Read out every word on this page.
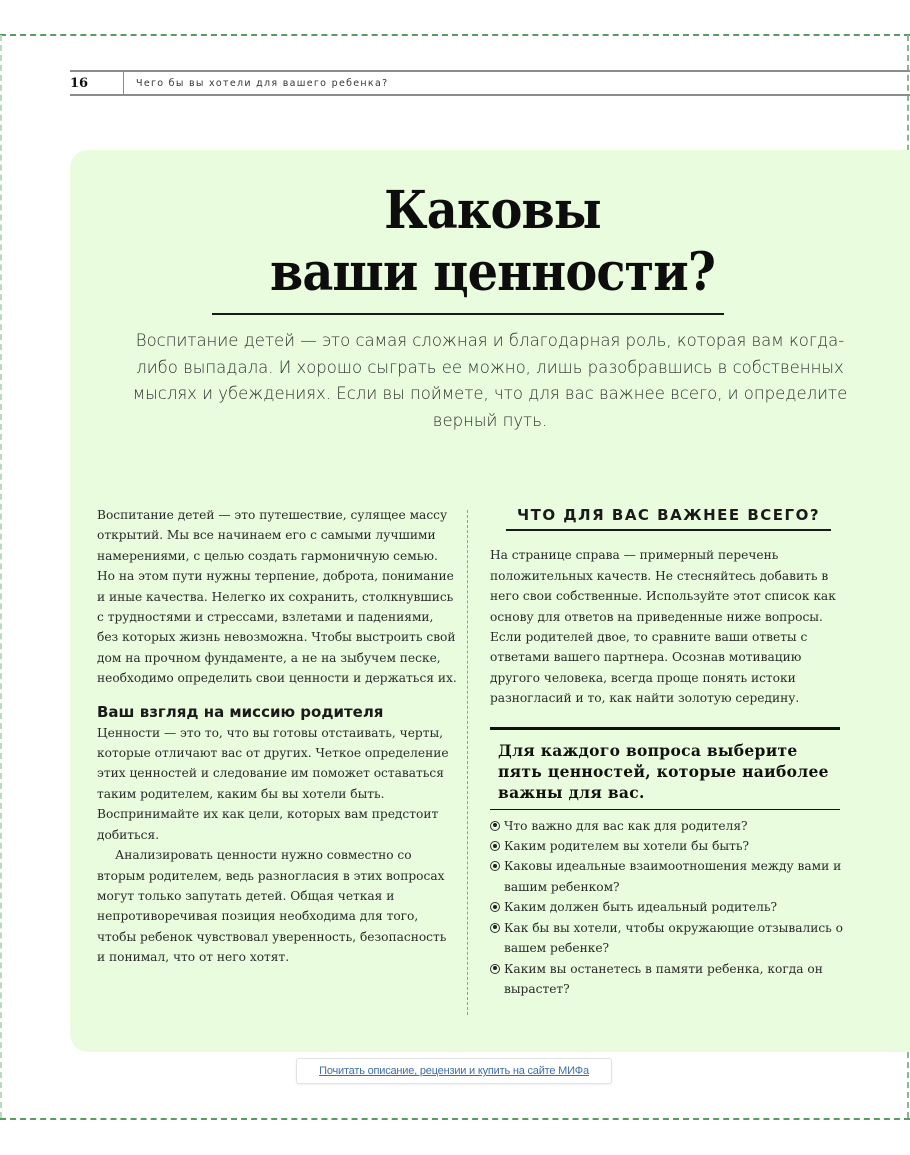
16	Чего бы вы хотели для вашего ребенка?
Каковы
ваши ценности?

Воспитание детей — это самая сложная и благодарная роль, которая вам когда-либо выпадала. И хорошо сыграть ее можно, лишь разобравшись в собственных мыслях и убеждениях. Если вы поймете, что для вас важнее всего, и определите верный путь.

Воспитание детей — это путешествие, сулящее массу открытий. Мы все начинаем его с самыми лучшими намерениями, с целью создать гармоничную семью. Но на этом пути нужны терпение, доброта, понимание и иные качества. Нелегко их сохранить, столкнувшись с трудностями и стрессами, взлетами и падениями, без которых жизнь невозможна. Чтобы выстроить свой дом на прочном фундаменте, а не на зыбучем песке, необходимо определить свои ценности и держаться их.

Ваш взгляд на миссию родителя

Ценности — это то, что вы готовы отстаивать, черты, которые отличают вас от других. Четкое определение этих ценностей и следование им поможет оставаться таким родителем, каким бы вы хотели быть. Воспринимайте их как цели, которых вам предстоит добиться.

Анализировать ценности нужно совместно со вторым родителем, ведь разногласия в этих вопросах могут только запутать детей. Общая четкая и непротиворечивая позиция необходима для того, чтобы ребенок чувствовал уверенность, безопасность и понимал, что от него хотят.

ЧТО ДЛЯ ВАС ВАЖНЕЕ ВСЕГО?

На странице справа — примерный перечень положительных качеств. Не стесняйтесь добавить в него свои собственные. Используйте этот список как основу для ответов на приведенные ниже вопросы. Если родителей двое, то сравните ваши ответы с ответами вашего партнера. Осознав мотивацию другого человека, всегда проще понять истоки разногласий и то, как найти золотую середину.

Для каждого вопроса выберите пять ценностей, которые наиболее важны для вас.
Что важно для вас как для родителя?
Каким родителем вы хотели бы быть?
Каковы идеальные взаимоотношения между вами и вашим ребенком?
Каким должен быть идеальный родитель?
Как бы вы хотели, чтобы окружающие отзывались о вашем ребенке?
Каким вы останетесь в памяти ребенка, когда он вырастет?
Почитать описание, рецензии и купить на сайте МИФа
